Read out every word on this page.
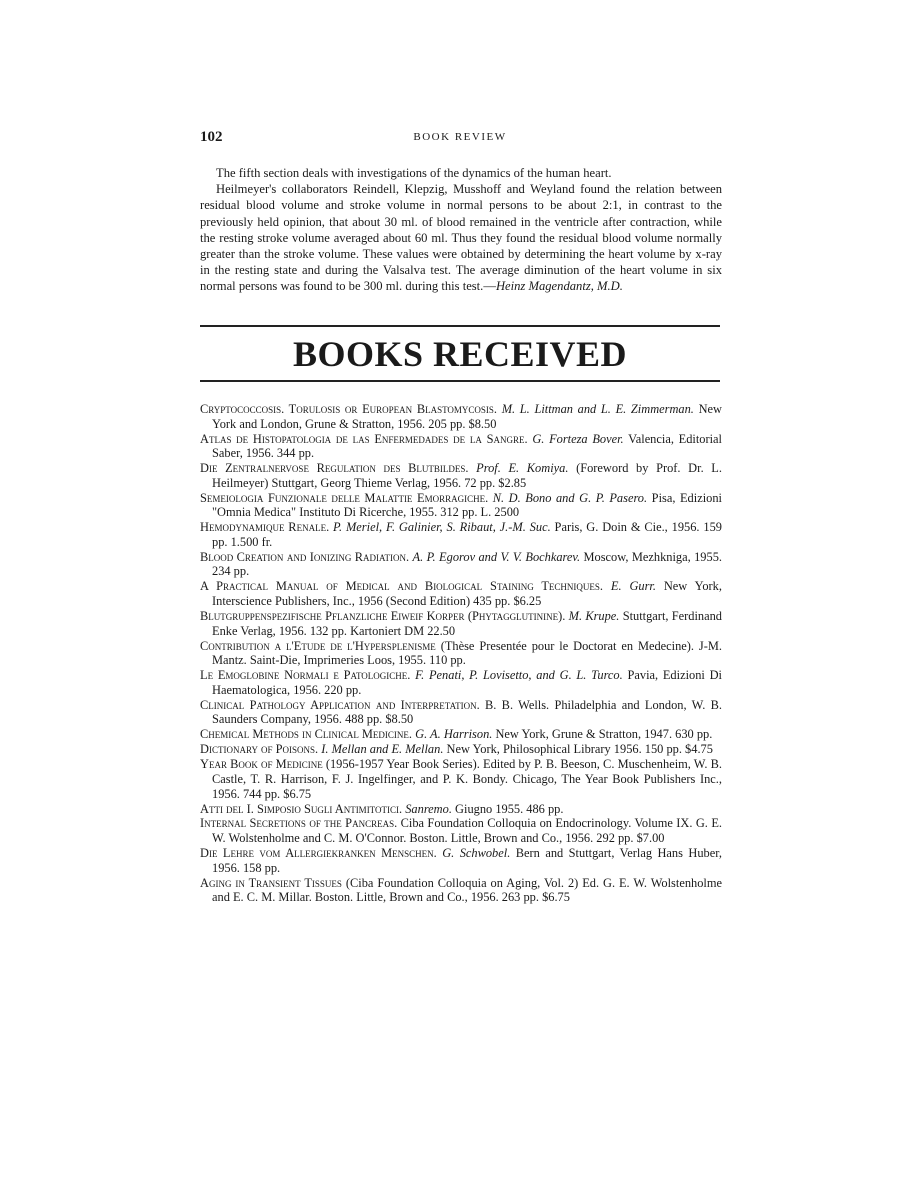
102	BOOK REVIEW

The fifth section deals with investigations of the dynamics of the human heart.

Heilmeyer's collaborators Reindell, Klepzig, Musshoff and Weyland found the relation between residual blood volume and stroke volume in normal persons to be about 2:1, in contrast to the previously held opinion, that about 30 ml. of blood remained in the ventricle after contraction, while the resting stroke volume averaged about 60 ml. Thus they found the residual blood volume normally greater than the stroke volume. These values were obtained by determining the heart volume by x-ray in the resting state and during the Valsalva test. The average diminution of the heart volume in six normal persons was found to be 300 ml. during this test.—Heinz Magendantz, M.D.

BOOKS RECEIVED

Cryptococcosis. Torulosis or European Blastomycosis. M. L. Littman and L. E. Zimmerman. New York and London, Grune & Stratton, 1956. 205 pp. $8.50

Atlas de Histopatologia de las Enfermedades de la Sangre. G. Forteza Bover. Valencia, Editorial Saber, 1956. 344 pp.

Die Zentralnervose Regulation des Blutbildes. Prof. E. Komiya. (Foreword by Prof. Dr. L. Heilmeyer) Stuttgart, Georg Thieme Verlag, 1956. 72 pp. $2.85

Semeiologia Funzionale delle Malattie Emorragiche. N. D. Bono and G. P. Pasero. Pisa, Edizioni "Omnia Medica" Instituto Di Ricerche, 1955. 312 pp. L. 2500

Hemodynamique Renale. P. Meriel, F. Galinier, S. Ribaut, J.-M. Suc. Paris, G. Doin & Cie., 1956. 159 pp. 1.500 fr.

Blood Creation and Ionizing Radiation. A. P. Egorov and V. V. Bochkarev. Moscow, Mezhkniga, 1955. 234 pp.

A Practical Manual of Medical and Biological Staining Techniques. E. Gurr. New York, Interscience Publishers, Inc., 1956 (Second Edition) 435 pp. $6.25

Blutgruppenspezifische Pflanzliche Eiweif Korper (Phytagglutinine). M. Krupe. Stuttgart, Ferdinand Enke Verlag, 1956. 132 pp. Kartoniert DM 22.50

Contribution a l'Etude de l'Hypersplenisme (Thèse Presentée pour le Doctorat en Medecine). J-M. Mantz. Saint-Die, Imprimeries Loos, 1955. 110 pp.

Le Emoglobine Normali e Patologiche. F. Penati, P. Lovisetto, and G. L. Turco. Pavia, Edizioni Di Haematologica, 1956. 220 pp.

Clinical Pathology Application and Interpretation. B. B. Wells. Philadelphia and London, W. B. Saunders Company, 1956. 488 pp. $8.50

Chemical Methods in Clinical Medicine. G. A. Harrison. New York, Grune & Stratton, 1947. 630 pp.

Dictionary of Poisons. I. Mellan and E. Mellan. New York, Philosophical Library 1956. 150 pp. $4.75

Year Book of Medicine (1956-1957 Year Book Series). Edited by P. B. Beeson, C. Muschenheim, W. B. Castle, T. R. Harrison, F. J. Ingelfinger, and P. K. Bondy. Chicago, The Year Book Publishers Inc., 1956. 744 pp. $6.75

Atti del I. Simposio Sugli Antimitotici. Sanremo. Giugno 1955. 486 pp.

Internal Secretions of the Pancreas. Ciba Foundation Colloquia on Endocrinology. Volume IX. G. E. W. Wolstenholme and C. M. O'Connor. Boston. Little, Brown and Co., 1956. 292 pp. $7.00

Die Lehre vom Allergiekranken Menschen. G. Schwobel. Bern and Stuttgart, Verlag Hans Huber, 1956. 158 pp.

Aging in Transient Tissues (Ciba Foundation Colloquia on Aging, Vol. 2) Ed. G. E. W. Wolstenholme and E. C. M. Millar. Boston. Little, Brown and Co., 1956. 263 pp. $6.75
